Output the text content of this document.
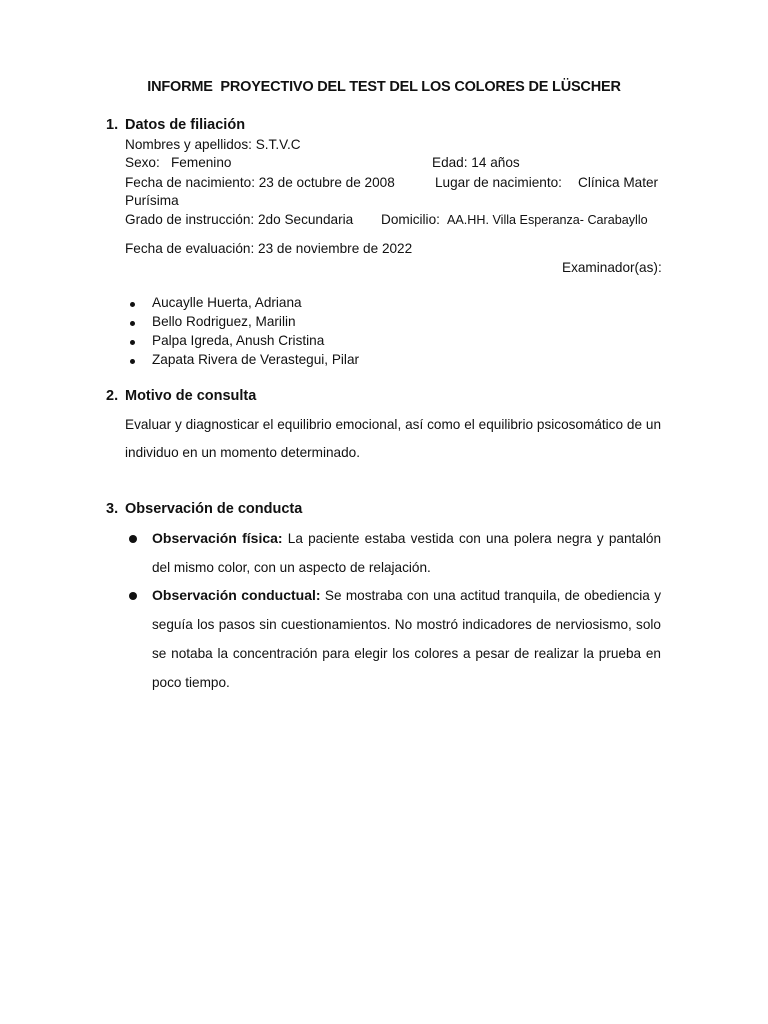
INFORME  PROYECTIVO DEL TEST DEL LOS COLORES DE LÜSCHER
1. Datos de filiación
Nombres y apellidos: S.T.V.C
Sexo: Femenino	Edad: 14 años
Fecha de nacimiento: 23 de octubre de 2008	Lugar de nacimiento: Clínica Mater
Purísima
Grado de instrucción: 2do Secundaria Domicilio: AA.HH. Villa Esperanza- Carabayllo
Fecha de evaluación: 23 de noviembre de 2022
Examinador(as):
Aucaylle Huerta, Adriana
Bello Rodriguez, Marilin
Palpa Igreda, Anush Cristina
Zapata Rivera de Verastegui, Pilar
2. Motivo de consulta
Evaluar y diagnosticar el equilibrio emocional, así como el equilibrio psicosomático de un individuo en un momento determinado.
3. Observación de conducta
Observación física: La paciente estaba vestida con una polera negra y pantalón del mismo color, con un aspecto de relajación.
Observación conductual: Se mostraba con una actitud tranquila, de obediencia y seguía los pasos sin cuestionamientos. No mostró indicadores de nerviosismo, solo se notaba la concentración para elegir los colores a pesar de realizar la prueba en poco tiempo.
